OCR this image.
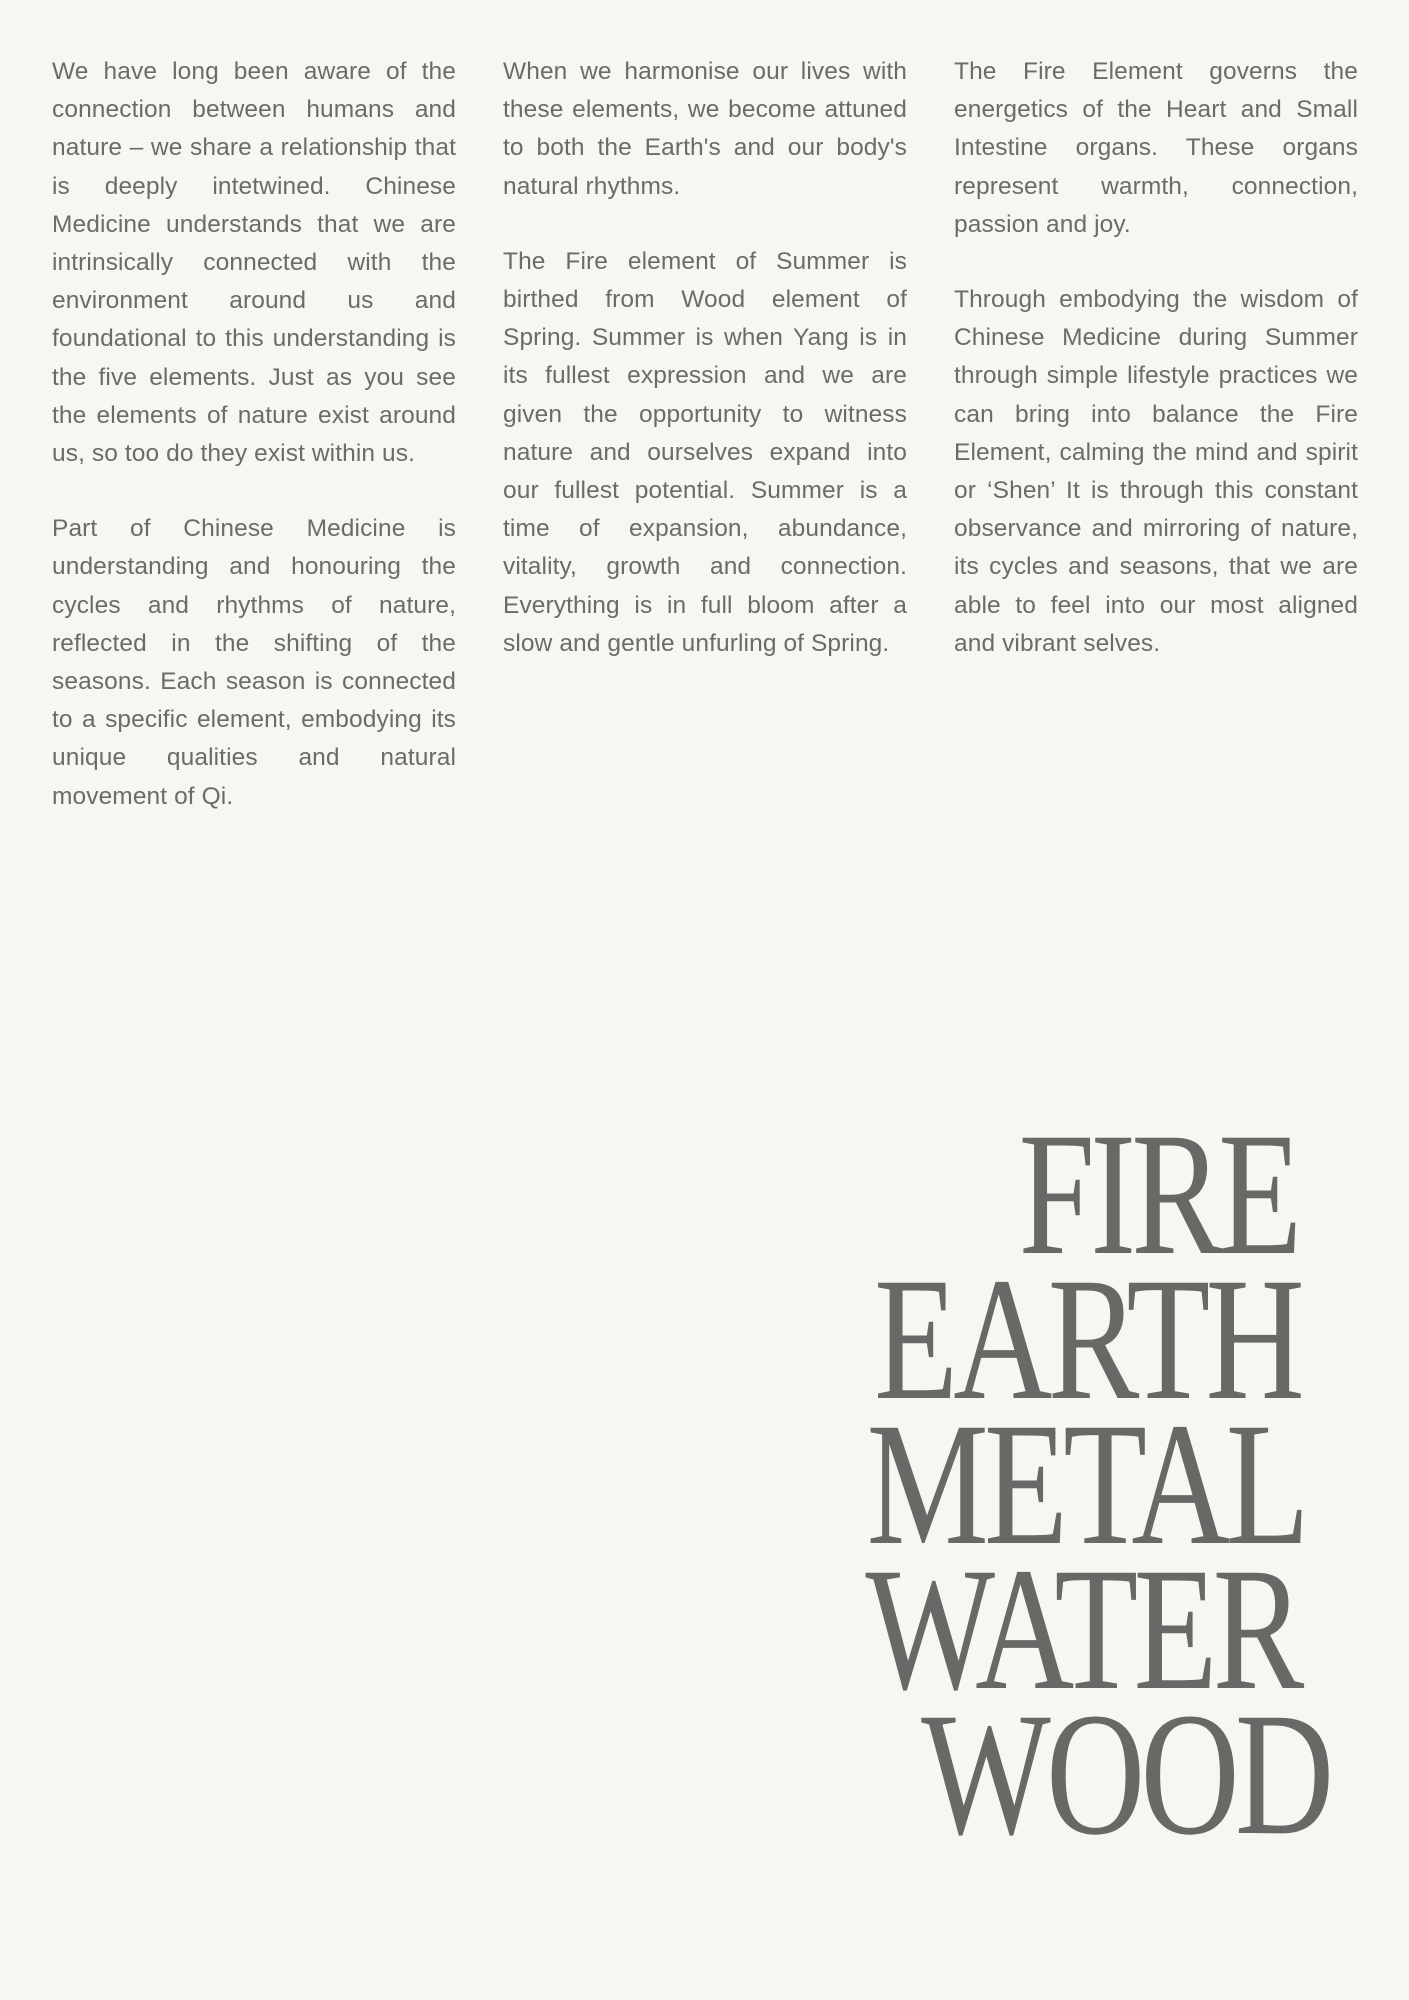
We have long been aware of the connection between humans and nature – we share a relationship that is deeply intetwined. Chinese Medicine understands that we are intrinsically connected with the environment around us and foundational to this understanding is the five elements. Just as you see the elements of nature exist around us, so too do they exist within us.

Part of Chinese Medicine is understanding and honouring the cycles and rhythms of nature, reflected in the shifting of the seasons. Each season is connected to a specific element, embodying its unique qualities and natural movement of Qi.

When we harmonise our lives with these elements, we become attuned to both the Earth's and our body's natural rhythms.

The Fire element of Summer is birthed from Wood element of Spring. Summer is when Yang is in its fullest expression and we are given the opportunity to witness nature and ourselves expand into our fullest potential. Summer is a time of expansion, abundance, vitality, growth and connection. Everything is in full bloom after a slow and gentle unfurling of Spring.

The Fire Element governs the energetics of the Heart and Small Intestine organs. These organs represent warmth, connection, passion and joy.

Through embodying the wisdom of Chinese Medicine during Summer through simple lifestyle practices we can bring into balance the Fire Element, calming the mind and spirit or ‘Shen’ It is through this constant observance and mirroring of nature, its cycles and seasons, that we are able to feel into our most aligned and vibrant selves.

FIRE
EARTH
METAL
WATER
WOOD
